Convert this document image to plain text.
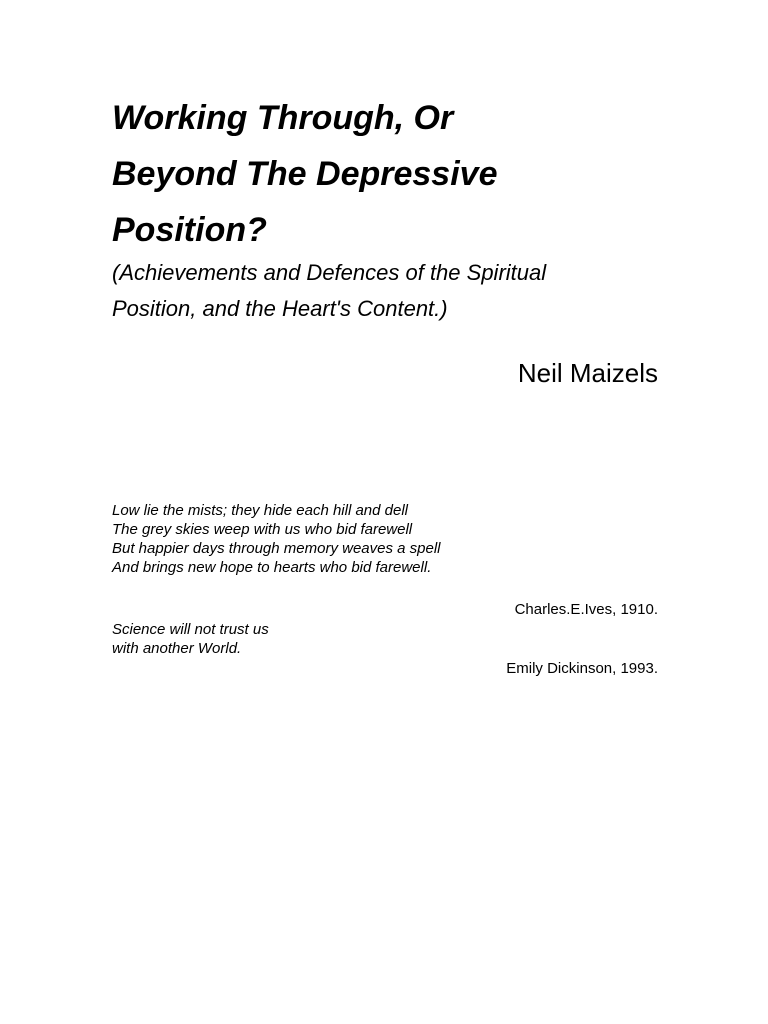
Working Through, Or
Beyond The Depressive
Position?

(Achievements and Defences of the Spiritual
Position, and the Heart's Content.)

Neil Maizels

Low lie the mists; they hide each hill and dell
The grey skies weep with us who bid farewell
But happier days through memory weaves a spell
And brings new hope to hearts who bid farewell.

Charles.E.Ives, 1910.

Science will not trust us
with another World.

Emily Dickinson, 1993.
